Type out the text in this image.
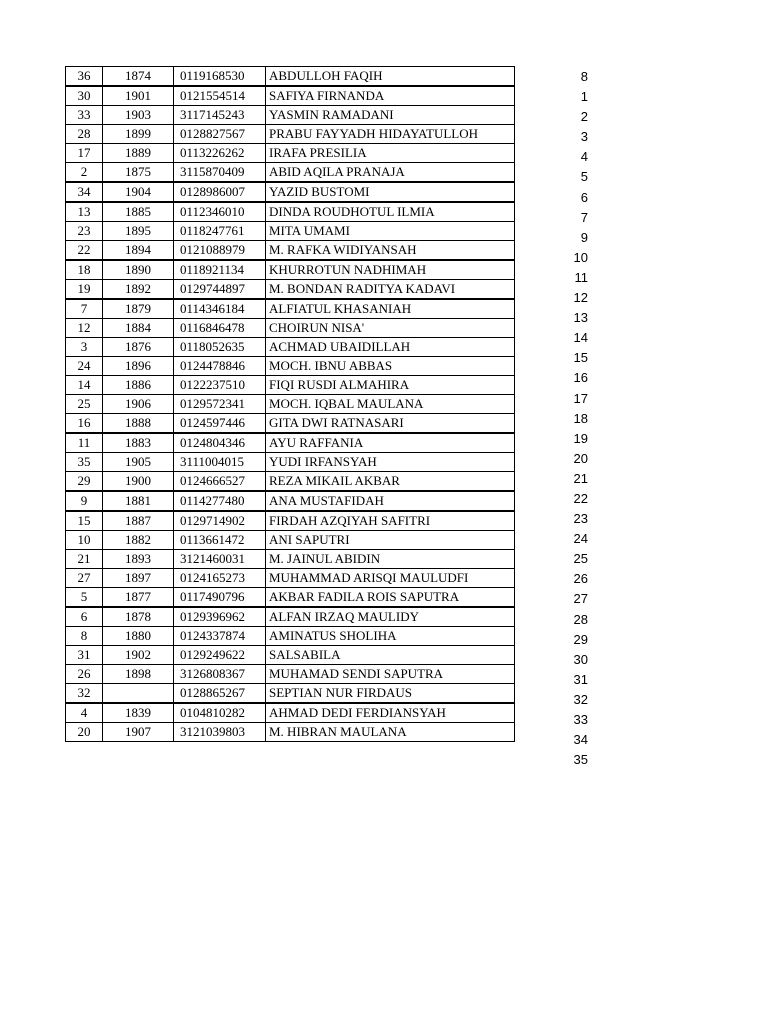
36	1874	0119168530	ABDULLOH FAQIH
30	1901	0121554514	SAFIYA FIRNANDA
33	1903	3117145243	YASMIN RAMADANI
28	1899	0128827567	PRABU FAYYADH HIDAYATULLOH
17	1889	0113226262	IRAFA PRESILIA
2	1875	3115870409	ABID AQILA PRANAJA
34	1904	0128986007	YAZID BUSTOMI
13	1885	0112346010	DINDA ROUDHOTUL ILMIA
23	1895	0118247761	MITA UMAMI
22	1894	0121088979	M. RAFKA WIDIYANSAH
18	1890	0118921134	KHURROTUN NADHIMAH
19	1892	0129744897	M. BONDAN RADITYA KADAVI
7	1879	0114346184	ALFIATUL KHASANIAH
12	1884	0116846478	CHOIRUN NISA'
3	1876	0118052635	ACHMAD UBAIDILLAH
24	1896	0124478846	MOCH. IBNU ABBAS
14	1886	0122237510	FIQI RUSDI ALMAHIRA
25	1906	0129572341	MOCH. IQBAL MAULANA
16	1888	0124597446	GITA DWI RATNASARI
11	1883	0124804346	AYU RAFFANIA
35	1905	3111004015	YUDI IRFANSYAH
29	1900	0124666527	REZA MIKAIL AKBAR
9	1881	0114277480	ANA MUSTAFIDAH
15	1887	0129714902	FIRDAH AZQIYAH SAFITRI
10	1882	0113661472	ANI SAPUTRI
21	1893	3121460031	M. JAINUL ABIDIN
27	1897	0124165273	MUHAMMAD ARISQI MAULUDFI
5	1877	0117490796	AKBAR FADILA ROIS SAPUTRA
6	1878	0129396962	ALFAN IRZAQ MAULIDY
8	1880	0124337874	AMINATUS SHOLIHA
31	1902	0129249622	SALSABILA
26	1898	3126808367	MUHAMAD SENDI SAPUTRA
32		0128865267	SEPTIAN NUR FIRDAUS
4	1839	0104810282	AHMAD DEDI FERDIANSYAH
20	1907	3121039803	M. HIBRAN MAULANA
8
1
2
3
4
5
6
7
9
10
11
12
13
14
15
16
17
18
19
20
21
22
23
24
25
26
27
28
29
30
31
32
33
34
35
